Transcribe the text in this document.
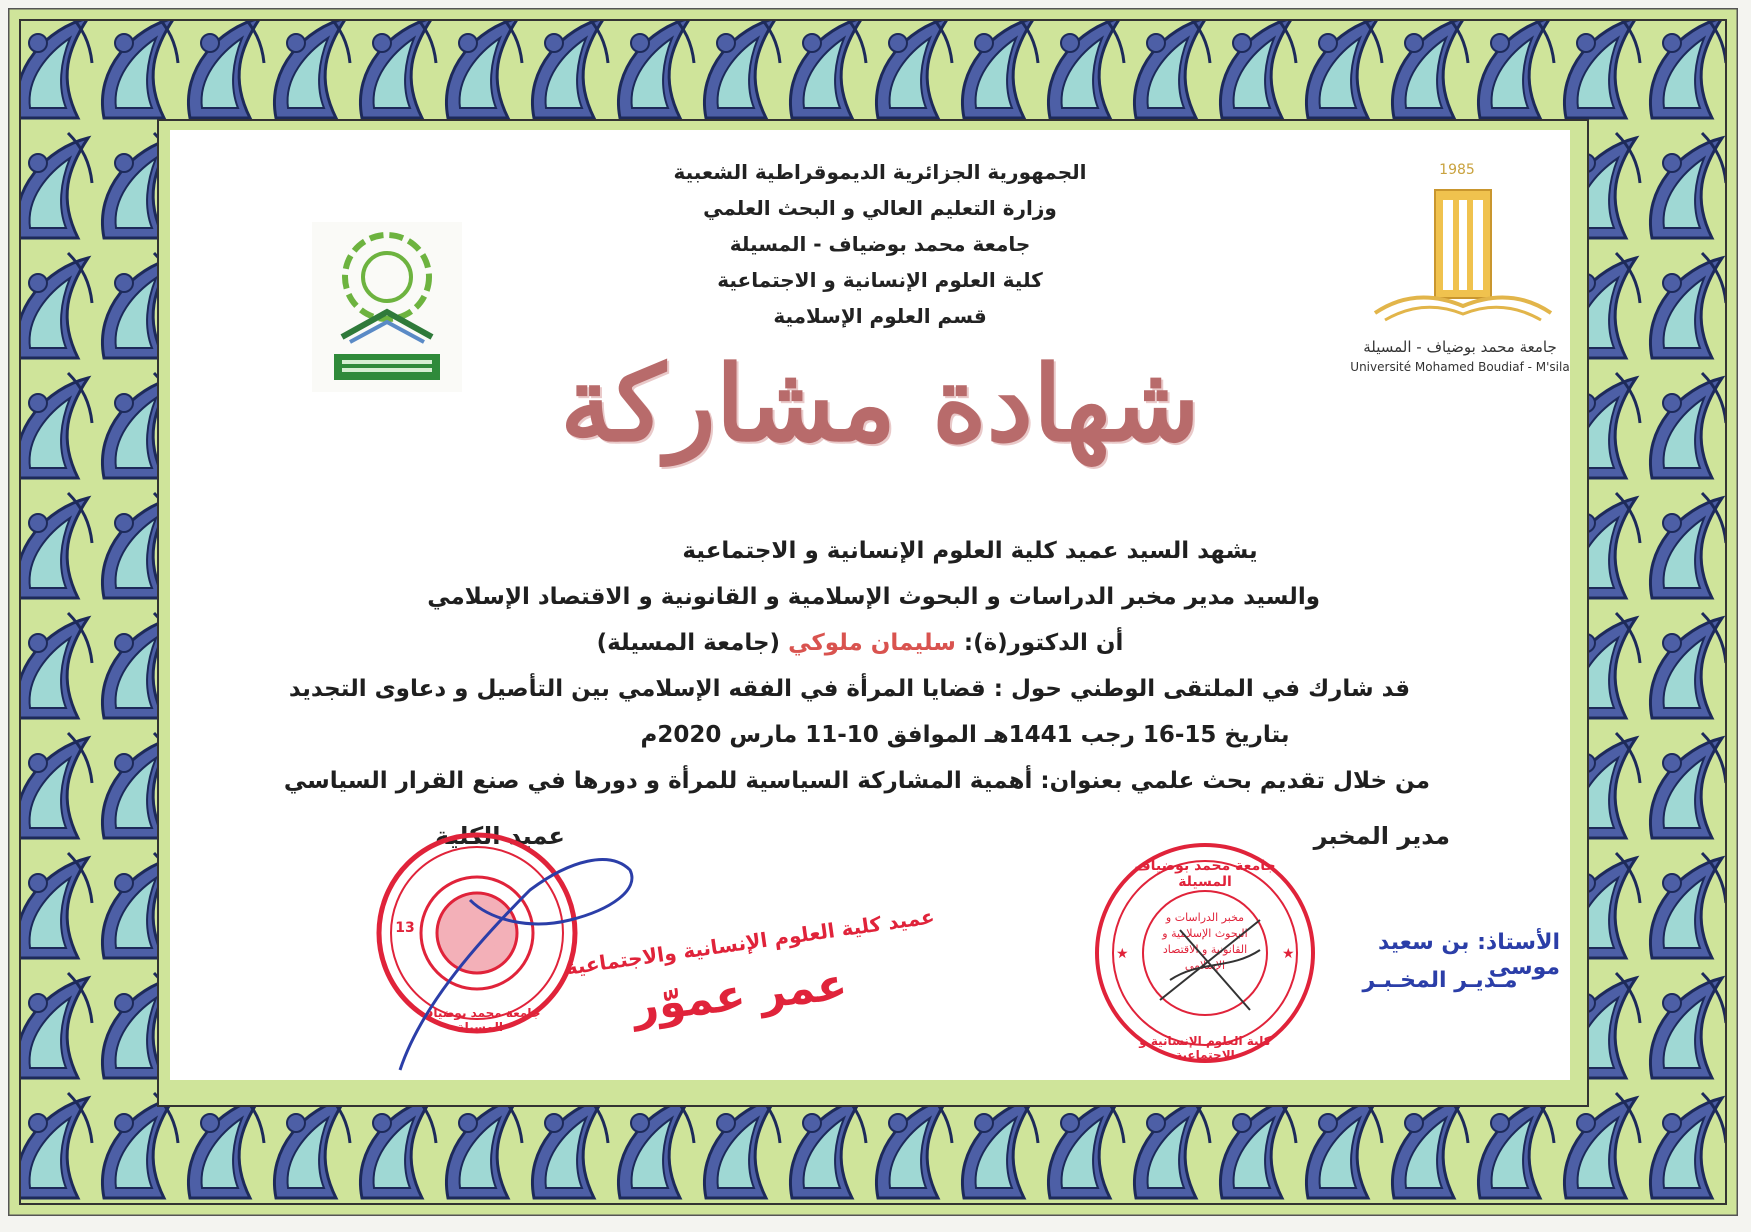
الجمهورية الجزائرية الديموقراطية الشعبية
وزارة التعليم العالي و البحث العلمي
جامعة محمد بوضياف - المسيلة
كلية العلوم الإنسانية و الاجتماعية
قسم العلوم الإسلامية
1985
جامعة محمد بوضياف - المسيلة
Université Mohamed Boudiaf - M'sila
شهادة مشاركة
يشهد السيد عميد كلية العلوم الإنسانية و الاجتماعية
والسيد مدير مخبر الدراسات و البحوث الإسلامية و القانونية و الاقتصاد الإسلامي
أن الدكتور(ة): سليمان ملوكي (جامعة المسيلة)
قد شارك في الملتقى الوطني حول : قضايا المرأة في الفقه الإسلامي بين التأصيل و دعاوى التجديد
بتاريخ 15-16 رجب 1441هـ الموافق 10-11 مارس 2020م
من خلال تقديم بحث علمي بعنوان: أهمية المشاركة السياسية للمرأة و دورها في صنع القرار السياسي
مدير المخبر
عميد الكلية
13
جامعة محمد بوضياف المسيلة
عميد كلية العلوم الإنسانية والاجتماعية
عمر عموّر
★	★
جامعة محمد بوضياف المسيلة
مخبر الدراسات و البحوث الإسلامية و القانونية و الاقتصاد الإسلامي
كلية العلوم الإنسانية و الاجتماعية
الأستاذ: بن سعيد موسى
مـديـر المخـبـر
